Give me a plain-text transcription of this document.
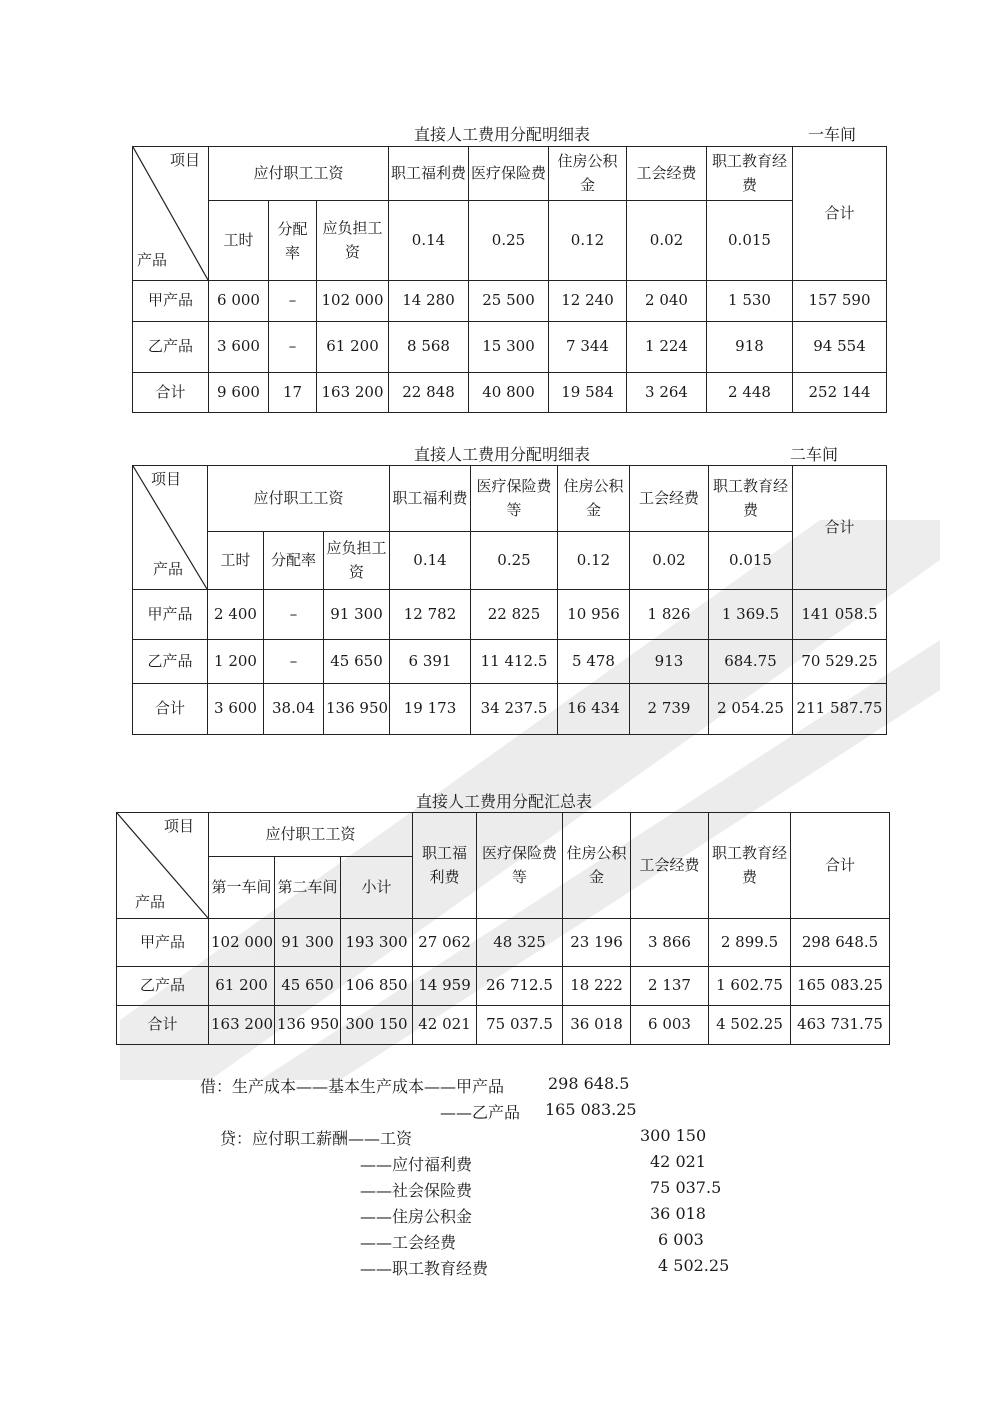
直接人工费用分配明细表	一车间
项目
产品	应付职工工资			职工福利费	医疗保险费	住房公积金	工会经费	职工教育经费	合计
	工时	分配率	应负担工资	0.14	0.25	0.12	0.02	0.015	
甲产品	6 000	–	102 000	14 280	25 500	12 240	2 040	1 530	157 590
乙产品	3 600	–	61 200	8 568	15 300	7 344	1 224	918	94 554
合计	9 600	17	163 200	22 848	40 800	19 584	3 264	2 448	252 144
直接人工费用分配明细表	二车间
项目
产品	应付职工工资			职工福利费	医疗保险费等	住房公积金	工会经费	职工教育经费	合计
	工时	分配率	应负担工资	0.14	0.25	0.12	0.02	0.015	
甲产品	2 400	–	91 300	12 782	22 825	10 956	1 826	1 369.5	141 058.5
乙产品	1 200	–	45 650	6 391	11 412.5	5 478	913	684.75	70 529.25
合计	3 600	38.04	136 950	19 173	34 237.5	16 434	2 739	2 054.25	211 587.75
直接人工费用分配汇总表
项目
产品	应付职工工资			职工福利费	医疗保险费等	住房公积金	工会经费	职工教育经费	合计
	第一车间	第二车间	小计						
甲产品	102 000	91 300	193 300	27 062	48 325	23 196	3 866	2 899.5	298 648.5
乙产品	61 200	45 650	106 850	14 959	26 712.5	18 222	2 137	1 602.75	165 083.25
合计	163 200	136 950	300 150	42 021	75 037.5	36 018	6 003	4 502.25	463 731.75
借：生产成本——基本生产成本——甲产品	298 648.5
——乙产品 165 083.25
贷：应付职工薪酬——工资	300 150
——应付福利费	42 021
——社会保险费	75 037.5
——住房公积金	36 018
——工会经费	6 003
——职工教育经费	4 502.25
